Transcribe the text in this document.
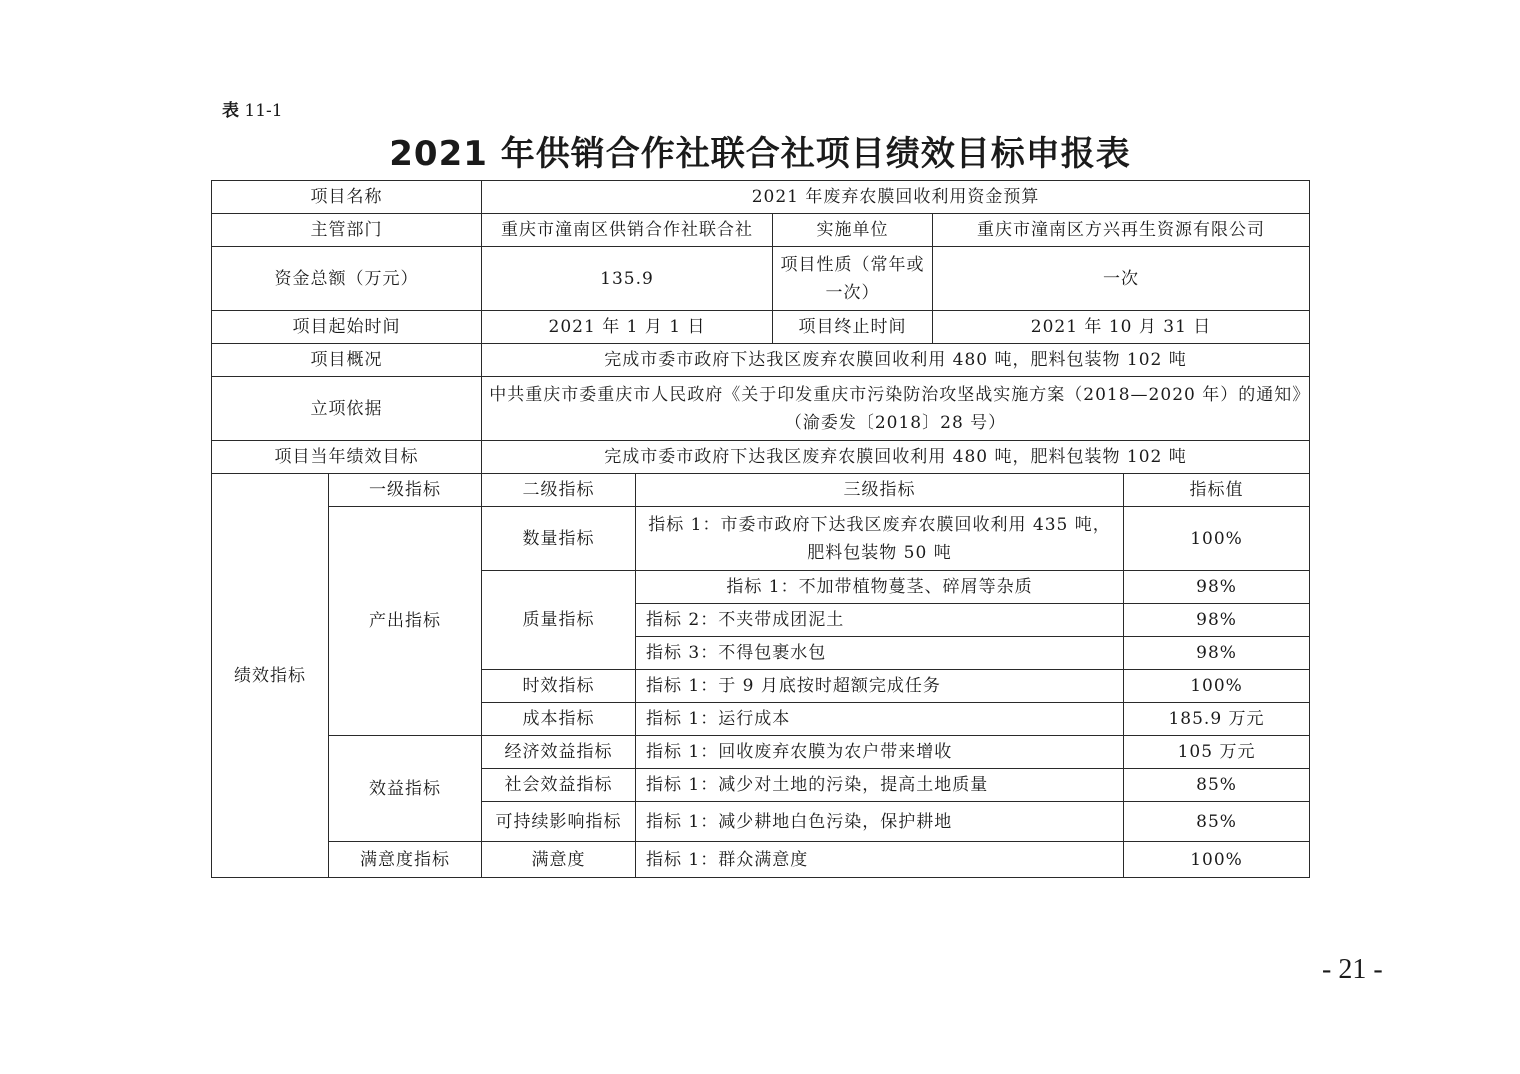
表 11-1
2021 年供销合作社联合社项目绩效目标申报表
项目名称		2021 年废弃农膜回收利用资金预算				
主管部门		重庆市潼南区供销合作社联合社		实施单位	重庆市潼南区方兴再生资源有限公司	
资金总额（万元）		135.9		项目性质（常年或一次）	一次	
项目起始时间		2021 年 1 月 1 日		项目终止时间	2021 年 10 月 31 日	
项目概况		完成市委市政府下达我区废弃农膜回收利用 480 吨，肥料包装物 102 吨				
立项依据		中共重庆市委重庆市人民政府《关于印发重庆市污染防治攻坚战实施方案（2018—2020 年）的通知》（渝委发〔2018〕28 号）				
项目当年绩效目标		完成市委市政府下达我区废弃农膜回收利用 480 吨，肥料包装物 102 吨				
绩效指标	一级指标	二级指标	三级指标			指标值
	产出指标	数量指标	指标 1：市委市政府下达我区废弃农膜回收利用 435 吨，肥料包装物 50 吨			100%
		质量指标	指标 1：不加带植物蔓茎、碎屑等杂质			98%
			指标 2：不夹带成团泥土			98%
			指标 3：不得包裹水包			98%
		时效指标	指标 1：于 9 月底按时超额完成任务			100%
		成本指标	指标 1：运行成本			185.9 万元
	效益指标	经济效益指标	指标 1：回收废弃农膜为农户带来增收			105 万元
		社会效益指标	指标 1：减少对土地的污染，提高土地质量			85%
		可持续影响指标	指标 1：减少耕地白色污染，保护耕地			85%
	满意度指标	满意度	指标 1：群众满意度			100%
- 21 -
